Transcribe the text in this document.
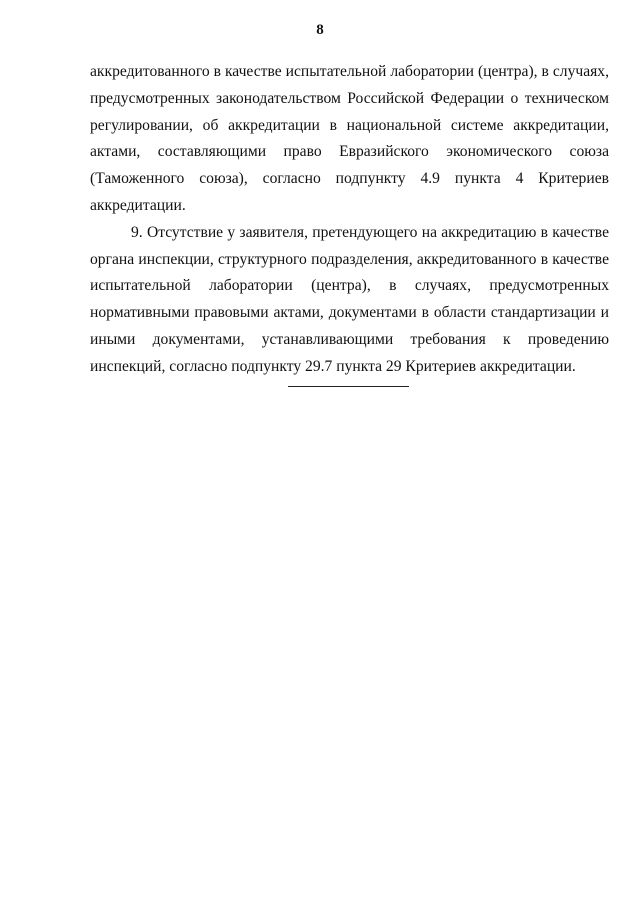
8

аккредитованного в качестве испытательной лаборатории (центра), в случаях, предусмотренных законодательством Российской Федерации о техническом регулировании, об аккредитации в национальной системе аккредитации, актами, составляющими право Евразийского экономического союза (Таможенного союза), согласно подпункту 4.9 пункта 4 Критериев аккредитации.

9. Отсутствие у заявителя, претендующего на аккредитацию в качестве органа инспекции, структурного подразделения, аккредитованного в качестве испытательной лаборатории (центра), в случаях, предусмотренных нормативными правовыми актами, документами в области стандартизации и иными документами, устанавливающими требования к проведению инспекций, согласно подпункту 29.7 пункта 29 Критериев аккредитации.
